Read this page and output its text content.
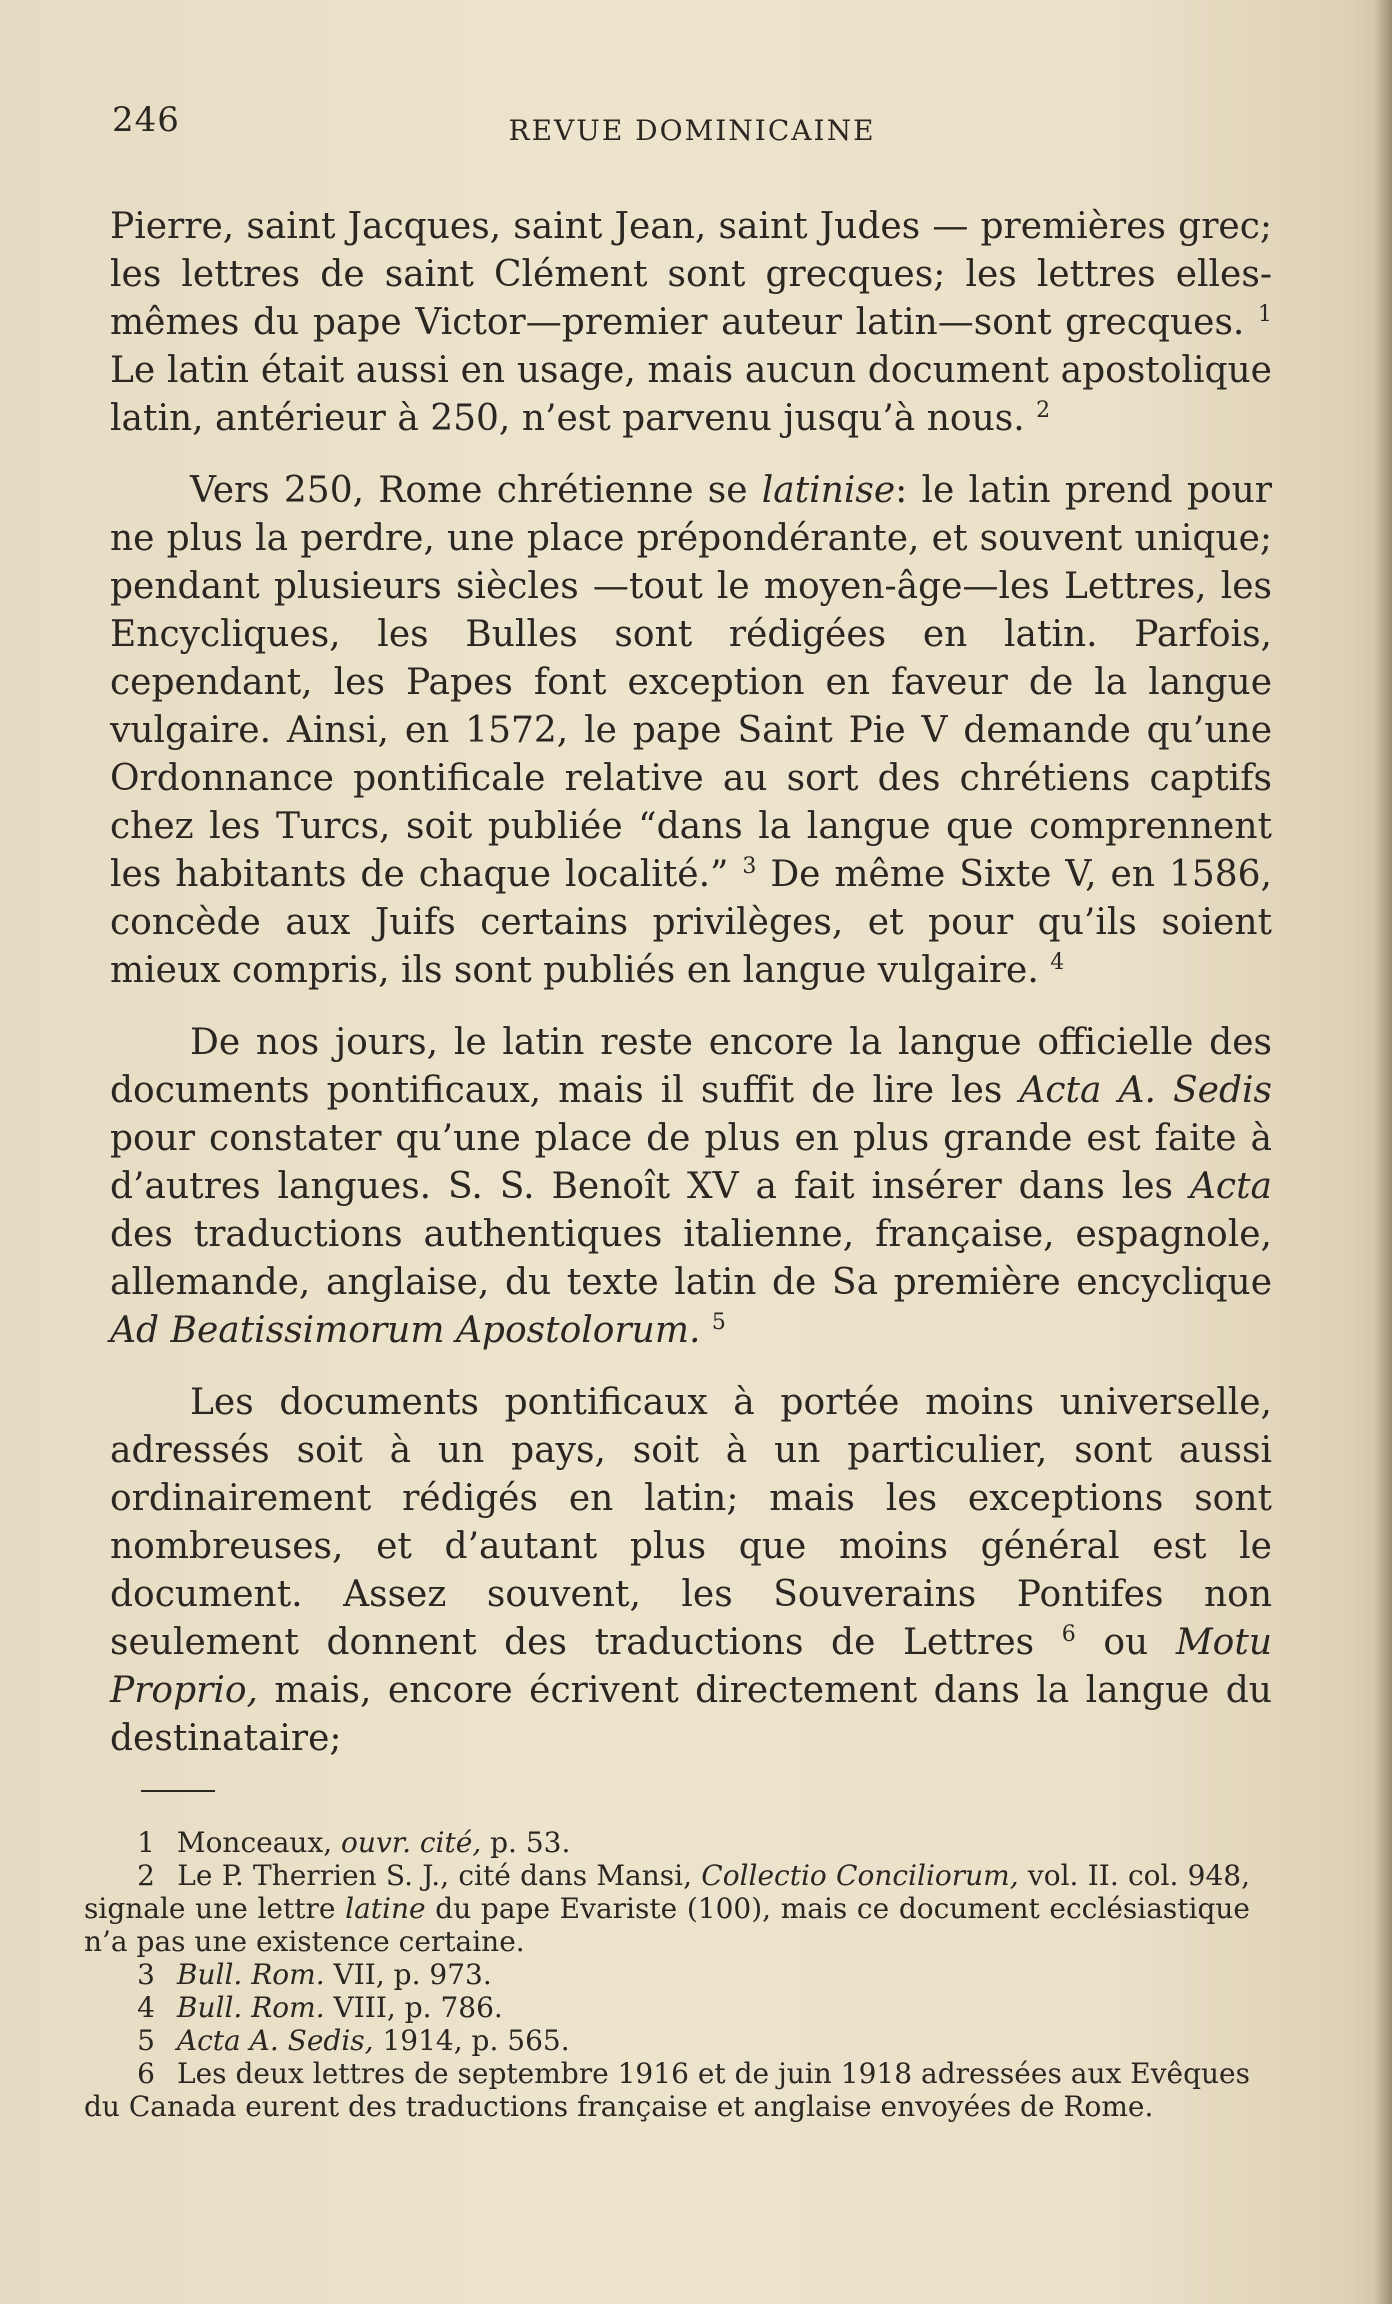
246	REVUE DOMINICAINE

Pierre, saint Jacques, saint Jean, saint Judes — premières grec; les lettres de saint Clément sont grecques; les lettres elles-mêmes du pape Victor—premier auteur latin—sont grecques. $^1$ Le latin était aussi en usage, mais aucun document apostolique latin, antérieur à 250, n’est parvenu jusqu’à nous. $^2$

Vers 250, Rome chrétienne se latinise: le latin prend pour ne plus la perdre, une place prépondérante, et souvent unique; pendant plusieurs siècles —tout le moyen-âge—les Lettres, les Encycliques, les Bulles sont rédigées en latin. Parfois, cependant, les Papes font exception en faveur de la langue vulgaire. Ainsi, en 1572, le pape Saint Pie V demande qu’une Ordonnance pontificale relative au sort des chrétiens captifs chez les Turcs, soit publiée “dans la langue que comprennent les habitants de chaque localité.” $^3$ De même Sixte V, en 1586, concède aux Juifs certains privilèges, et pour qu’ils soient mieux compris, ils sont publiés en langue vulgaire. $^4$

De nos jours, le latin reste encore la langue officielle des documents pontificaux, mais il suffit de lire les Acta A. Sedis pour constater qu’une place de plus en plus grande est faite à d’autres langues. S. S. Benoît XV a fait insérer dans les Acta des traductions authentiques italienne, française, espagnole, allemande, anglaise, du texte latin de Sa première encyclique Ad Beatissimorum Apostolorum. $^5$

Les documents pontificaux à portée moins universelle, adressés soit à un pays, soit à un particulier, sont aussi ordinairement rédigés en latin; mais les exceptions sont nombreuses, et d’autant plus que moins général est le document. Assez souvent, les Souverains Pontifes non seulement donnent des traductions de Lettres $^6$ ou Motu Proprio, mais, encore écrivent directement dans la langue du destinataire;

1 Monceaux, ouvr. cité, p. 53.

2 Le P. Therrien S. J., cité dans Mansi, Collectio Conciliorum, vol. II. col. 948, signale une lettre latine du pape Evariste (100), mais ce document ecclésiastique n’a pas une existence certaine.

3 Bull. Rom. VII, p. 973.

4 Bull. Rom. VIII, p. 786.

5 Acta A. Sedis, 1914, p. 565.

6 Les deux lettres de septembre 1916 et de juin 1918 adressées aux Evêques du Canada eurent des traductions française et anglaise envoyées de Rome.
